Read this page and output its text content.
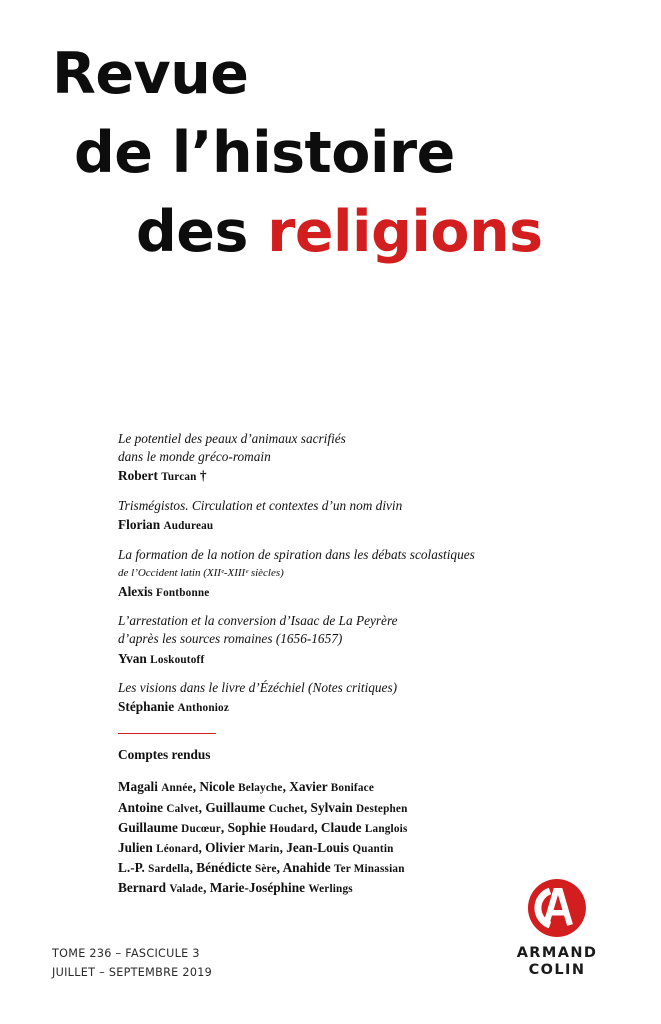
Revue
de l’histoire
des religions
Le potentiel des peaux d’animaux sacrifiés
dans le monde gréco-romain
Robert Turcan †
Trismégistos. Circulation et contextes d’un nom divin
Florian Audureau
La formation de la notion de spiration dans les débats scolastiques
de l’Occident latin (XIIᵉ-XIIIᵉ siècles)
Alexis Fontbonne
L’arrestation et la conversion d’Isaac de La Peyrère
d’après les sources romaines (1656-1657)
Yvan Loskoutoff
Les visions dans le livre d’Ézéchiel (Notes critiques)
Stéphanie Anthonioz
Comptes rendus
Magali Année, Nicole Belayche, Xavier Boniface
Antoine Calvet, Guillaume Cuchet, Sylvain Destephen
Guillaume Ducœur, Sophie Houdard, Claude Langlois
Julien Léonard, Olivier Marin, Jean-Louis Quantin
L.-P. Sardella, Bénédicte Sère, Anahide Ter Minassian
Bernard Valade, Marie-Joséphine Werlings
TOME 236 – FASCICULE 3
JUILLET – SEPTEMBRE 2019
ARMAND
COLIN
